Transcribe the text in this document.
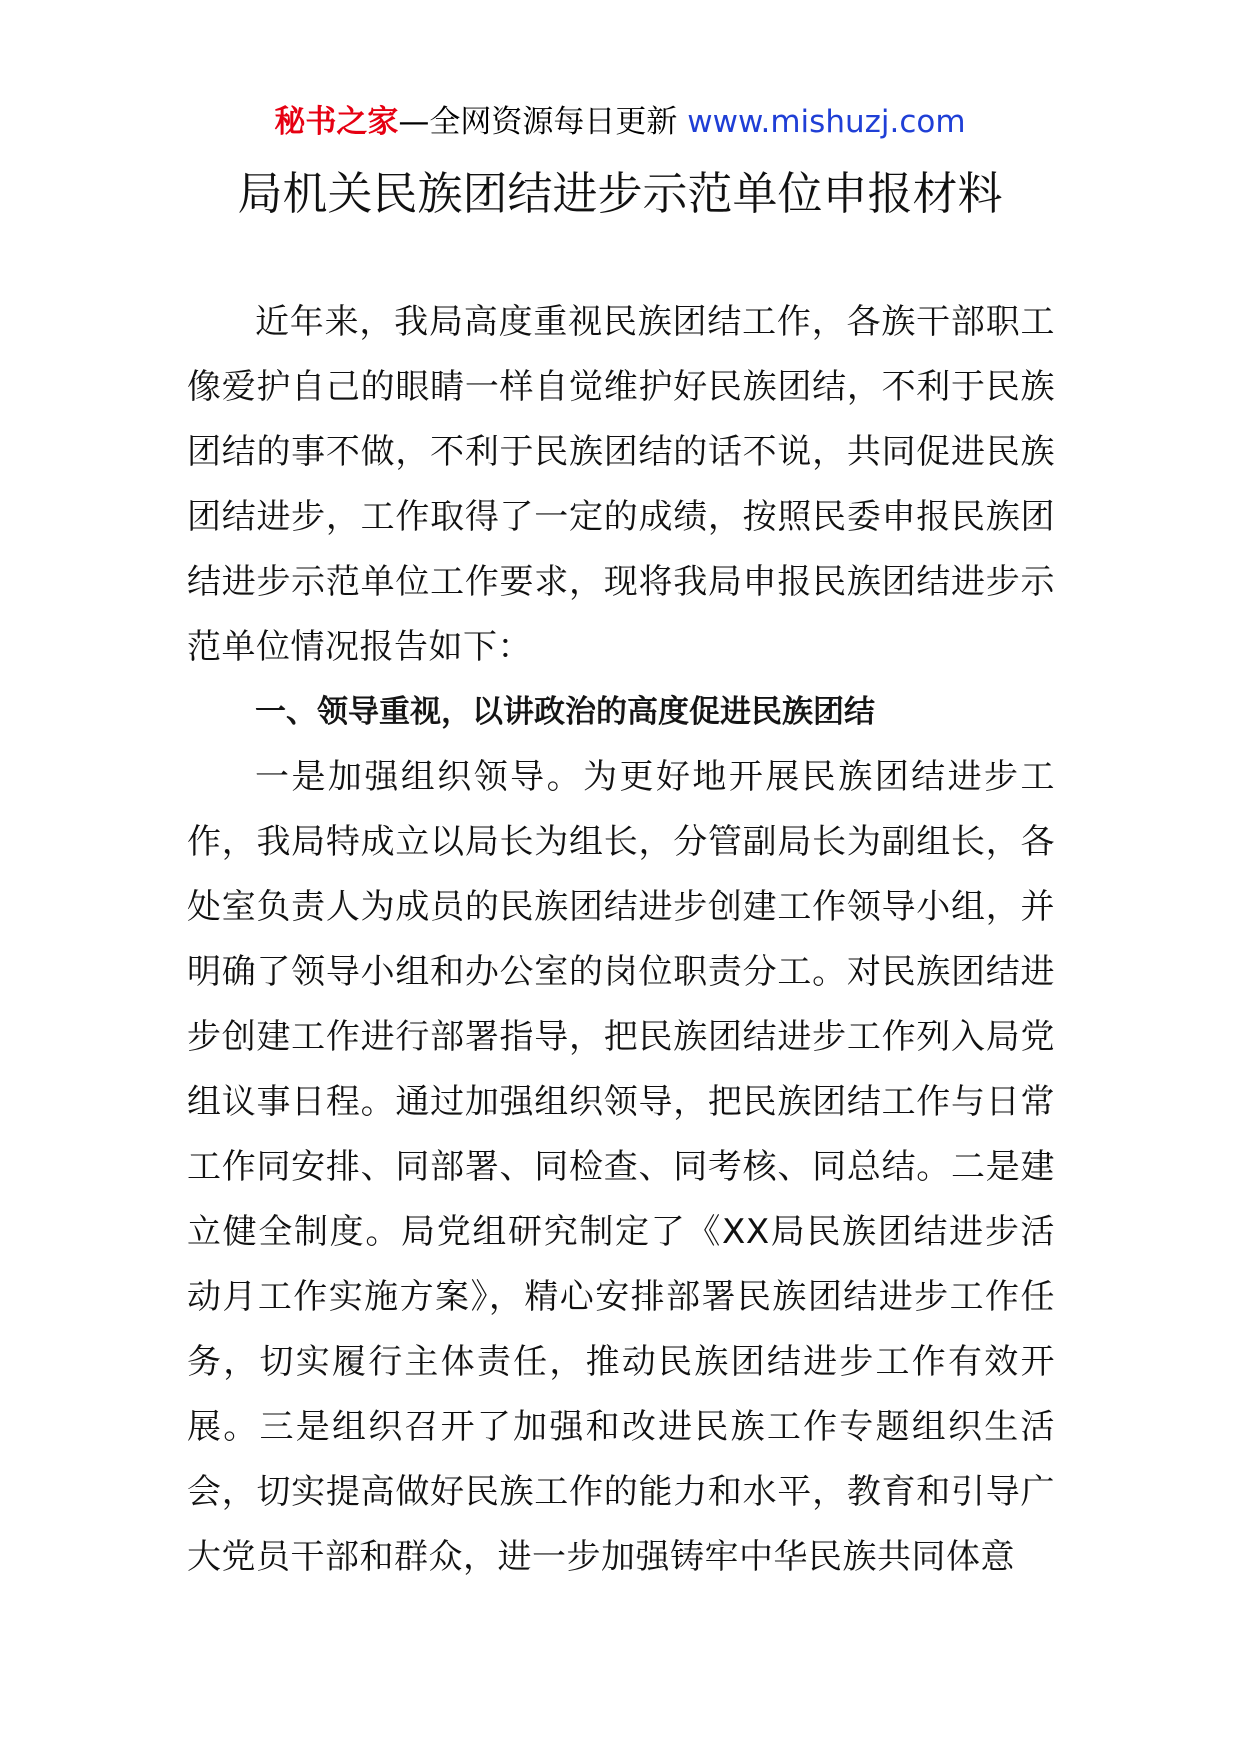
秘书之家—全网资源每日更新 www.mishuzj.com
局机关民族团结进步示范单位申报材料

近年来，我局高度重视民族团结工作，各族干部职工像爱护自己的眼睛一样自觉维护好民族团结，不利于民族团结的事不做，不利于民族团结的话不说，共同促进民族团结进步，工作取得了一定的成绩，按照民委申报民族团结进步示范单位工作要求，现将我局申报民族团结进步示范单位情况报告如下：

一、领导重视，以讲政治的高度促进民族团结

一是加强组织领导。为更好地开展民族团结进步工作，我局特成立以局长为组长，分管副局长为副组长，各处室负责人为成员的民族团结进步创建工作领导小组，并明确了领导小组和办公室的岗位职责分工。对民族团结进步创建工作进行部署指导，把民族团结进步工作列入局党组议事日程。通过加强组织领导，把民族团结工作与日常工作同安排、同部署、同检查、同考核、同总结。二是建立健全制度。局党组研究制定了《XX局民族团结进步活动月工作实施方案》，精心安排部署民族团结进步工作任务，切实履行主体责任，推动民族团结进步工作有效开展。三是组织召开了加强和改进民族工作专题组织生活会，切实提高做好民族工作的能力和水平，教育和引导广大党员干部和群众，进一步加强铸牢中华民族共同体意
